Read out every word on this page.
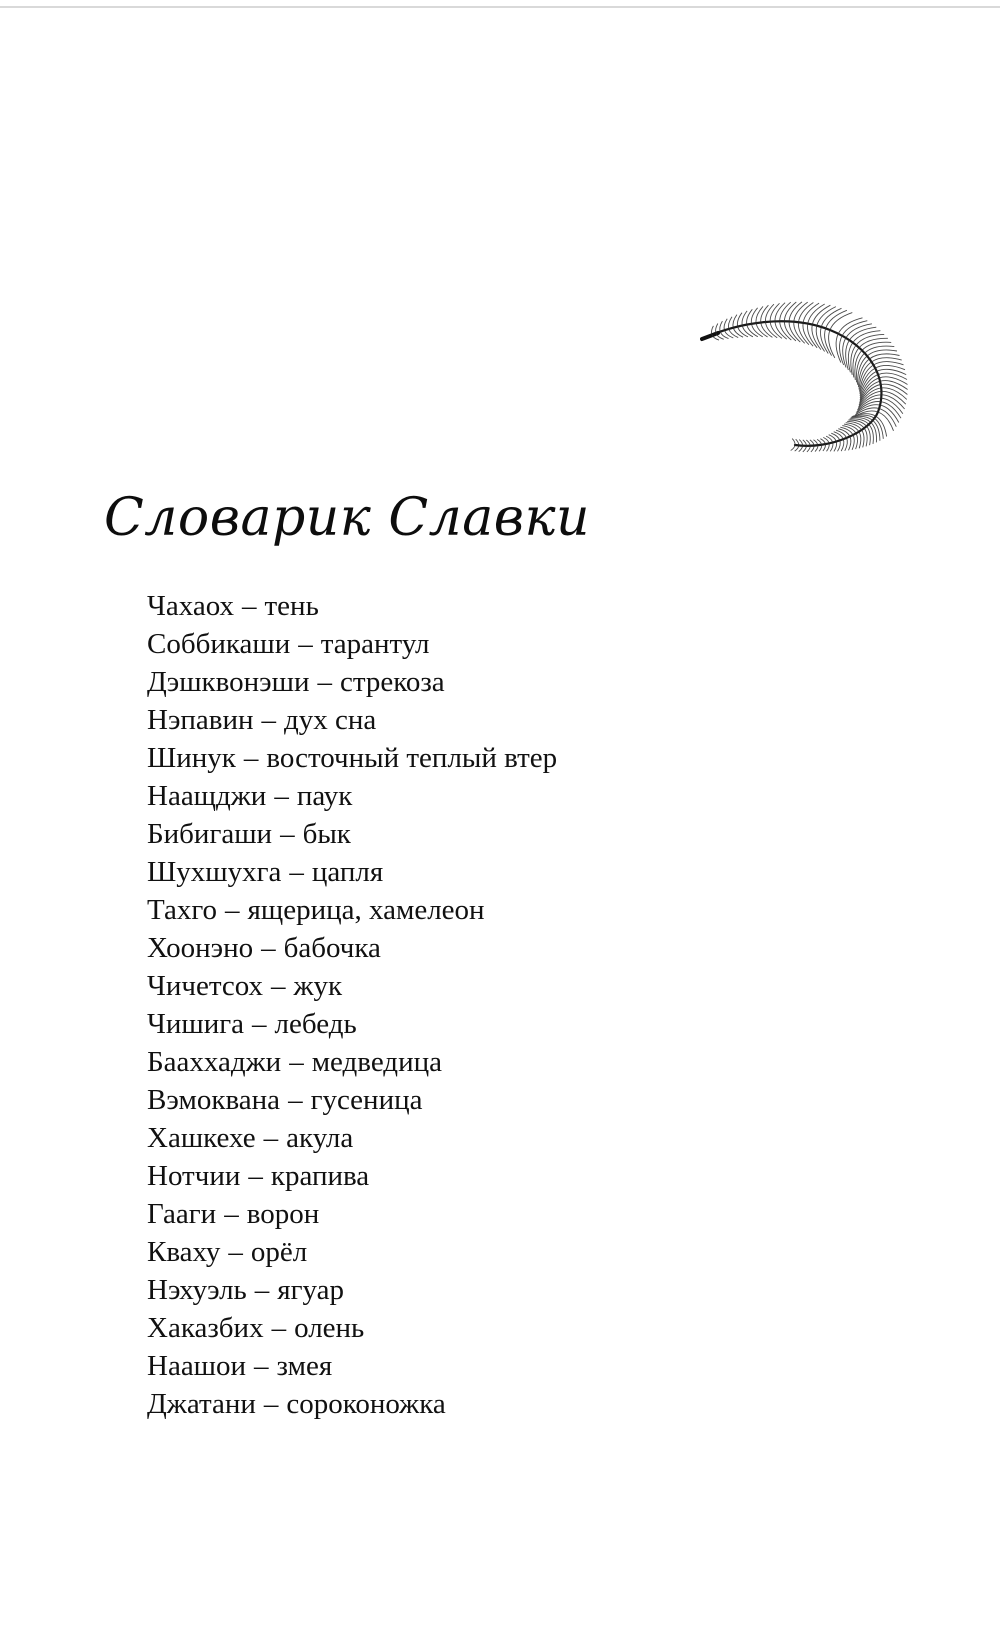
Словарик Славки
Чахаох – тень
Соббикаши – тарантул
Дэшквонэши – стрекоза
Нэпавин – дух сна
Шинук – восточный теплый втер
Наащджи – паук
Бибигаши – бык
Шухшухга – цапля
Тахго – ящерица, хамелеон
Хоонэно – бабочка
Чичетсох – жук
Чишига – лебедь
Бааххаджи – медведица
Вэмоквана – гусеница
Хашкехе – акула
Нотчии – крапива
Гааги – ворон
Кваху – орёл
Нэхуэль – ягуар
Хаказбих – олень
Наашои – змея
Джатани – сороконожка
